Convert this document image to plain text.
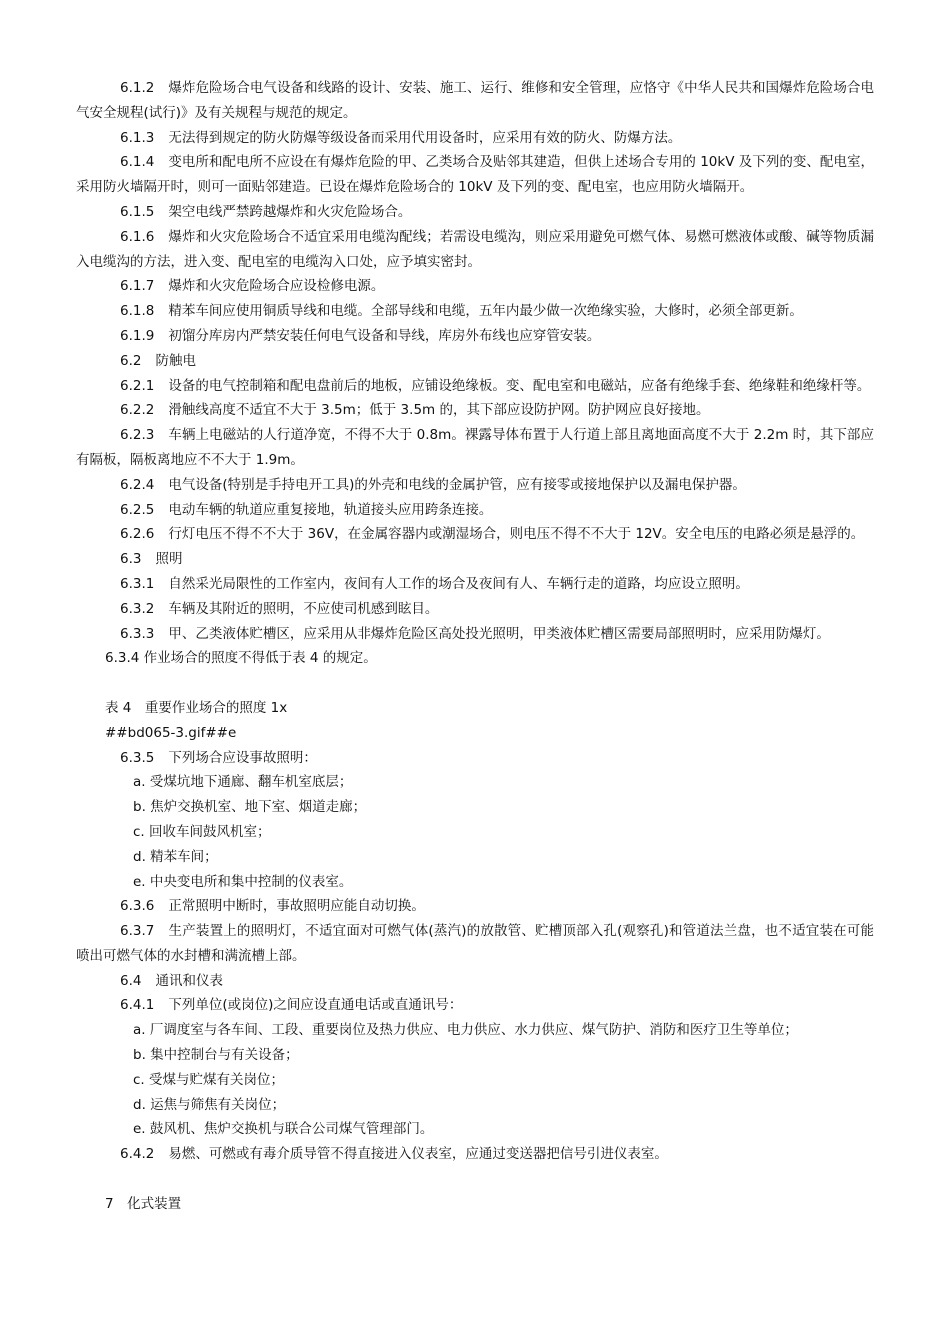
6.1.2 爆炸危险场合电气设备和线路的设计、安装、施工、运行、维修和安全管理，应恪守《中华人民共和国爆炸危险场合电气安全规程(试行)》及有关规程与规范的规定。

6.1.3 无法得到规定的防火防爆等级设备而采用代用设备时，应采用有效的防火、防爆方法。

6.1.4 变电所和配电所不应设在有爆炸危险的甲、乙类场合及贴邻其建造，但供上述场合专用的 10kV 及下列的变、配电室，采用防火墙隔开时，则可一面贴邻建造。已设在爆炸危险场合的 10kV 及下列的变、配电室，也应用防火墙隔开。

6.1.5 架空电线严禁跨越爆炸和火灾危险场合。

6.1.6 爆炸和火灾危险场合不适宜采用电缆沟配线；若需设电缆沟，则应采用避免可燃气体、易燃可燃液体或酸、碱等物质漏入电缆沟的方法，进入变、配电室的电缆沟入口处，应予填实密封。

6.1.7 爆炸和火灾危险场合应设检修电源。

6.1.8 精苯车间应使用铜质导线和电缆。全部导线和电缆，五年内最少做一次绝缘实验，大修时，必须全部更新。

6.1.9 初馏分库房内严禁安装任何电气设备和导线，库房外布线也应穿管安装。

6.2 防触电

6.2.1 设备的电气控制箱和配电盘前后的地板，应铺设绝缘板。变、配电室和电磁站，应备有绝缘手套、绝缘鞋和绝缘杆等。

6.2.2 滑触线高度不适宜不大于 3.5m；低于 3.5m 的，其下部应设防护网。防护网应良好接地。

6.2.3 车辆上电磁站的人行道净宽，不得不大于 0.8m。裸露导体布置于人行道上部且离地面高度不大于 2.2m 时，其下部应有隔板，隔板离地应不不大于 1.9m。

6.2.4 电气设备(特别是手持电开工具)的外壳和电线的金属护管，应有接零或接地保护以及漏电保护器。

6.2.5 电动车辆的轨道应重复接地，轨道接头应用跨条连接。

6.2.6 行灯电压不得不不大于 36V，在金属容器内或潮湿场合，则电压不得不不大于 12V。安全电压的电路必须是悬浮的。

6.3 照明

6.3.1 自然采光局限性的工作室内，夜间有人工作的场合及夜间有人、车辆行走的道路，均应设立照明。

6.3.2 车辆及其附近的照明，不应使司机感到眩目。

6.3.3 甲、乙类液体贮槽区，应采用从非爆炸危险区高处投光照明，甲类液体贮槽区需要局部照明时，应采用防爆灯。

6.3.4 作业场合的照度不得低于表 4 的规定。

表 4　重要作业场合的照度 1x

##bd065-3.gif##e

6.3.5 下列场合应设事故照明：

a. 受煤坑地下通廊、翻车机室底层；

b. 焦炉交换机室、地下室、烟道走廊；

c. 回收车间鼓风机室；

d. 精苯车间；

e. 中央变电所和集中控制的仪表室。

6.3.6 正常照明中断时，事故照明应能自动切换。

6.3.7 生产装置上的照明灯，不适宜面对可燃气体(蒸汽)的放散管、贮槽顶部入孔(观察孔)和管道法兰盘，也不适宜装在可能喷出可燃气体的水封槽和满流槽上部。

6.4 通讯和仪表

6.4.1 下列单位(或岗位)之间应设直通电话或直通讯号：

a. 厂调度室与各车间、工段、重要岗位及热力供应、电力供应、水力供应、煤气防护、消防和医疗卫生等单位；

b. 集中控制台与有关设备；

c. 受煤与贮煤有关岗位；

d. 运焦与筛焦有关岗位；

e. 鼓风机、焦炉交换机与联合公司煤气管理部门。

6.4.2 易燃、可燃或有毒介质导管不得直接进入仪表室，应通过变送器把信号引进仪表室。

7　化式装置
